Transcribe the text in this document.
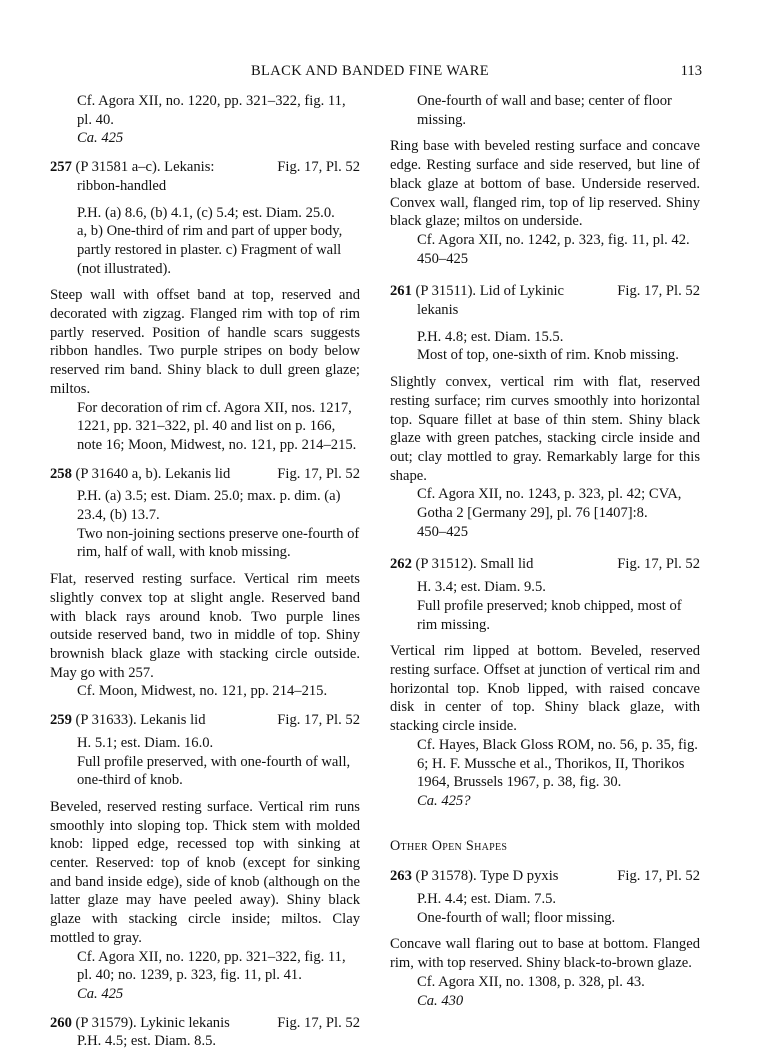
BLACK AND BANDED FINE WARE	113

Cf. Agora XII, no. 1220, pp. 321–322, fig. 11, pl. 40.

Ca. 425

257 (P 31581 a–c). Lekanis:	Fig. 17, Pl. 52

ribbon-handled

P.H. (a) 8.6, (b) 4.1, (c) 5.4; est. Diam. 25.0.

a, b) One-third of rim and part of upper body, partly restored in plaster. c) Fragment of wall (not illustrated).

Steep wall with offset band at top, reserved and decorated with zigzag. Flanged rim with top of rim partly reserved. Position of handle scars suggests ribbon handles. Two purple stripes on body below reserved rim band. Shiny black to dull green glaze; miltos.

For decoration of rim cf. Agora XII, nos. 1217, 1221, pp. 321–322, pl. 40 and list on p. 166, note 16; Moon, Midwest, no. 121, pp. 214–215.

258 (P 31640 a, b). Lekanis lid	Fig. 17, Pl. 52

P.H. (a) 3.5; est. Diam. 25.0; max. p. dim. (a) 23.4, (b) 13.7.

Two non-joining sections preserve one-fourth of rim, half of wall, with knob missing.

Flat, reserved resting surface. Vertical rim meets slightly convex top at slight angle. Reserved band with black rays around knob. Two purple lines outside reserved band, two in middle of top. Shiny brownish black glaze with stacking circle outside. May go with 257.

Cf. Moon, Midwest, no. 121, pp. 214–215.

259 (P 31633). Lekanis lid	Fig. 17, Pl. 52

H. 5.1; est. Diam. 16.0.

Full profile preserved, with one-fourth of wall, one-third of knob.

Beveled, reserved resting surface. Vertical rim runs smoothly into sloping top. Thick stem with molded knob: lipped edge, recessed top with sinking at center. Reserved: top of knob (except for sinking and band inside edge), side of knob (although on the latter glaze may have peeled away). Shiny black glaze with stacking circle inside; miltos. Clay mottled to gray.

Cf. Agora XII, no. 1220, pp. 321–322, fig. 11, pl. 40; no. 1239, p. 323, fig. 11, pl. 41.

Ca. 425

260 (P 31579). Lykinic lekanis	Fig. 17, Pl. 52

P.H. 4.5; est. Diam. 8.5.

One-fourth of wall and base; center of floor missing.

Ring base with beveled resting surface and concave edge. Resting surface and side reserved, but line of black glaze at bottom of base. Underside reserved. Convex wall, flanged rim, top of lip reserved. Shiny black glaze; miltos on underside.

Cf. Agora XII, no. 1242, p. 323, fig. 11, pl. 42.

450–425

261 (P 31511). Lid of Lykinic	Fig. 17, Pl. 52

lekanis

P.H. 4.8; est. Diam. 15.5.

Most of top, one-sixth of rim. Knob missing.

Slightly convex, vertical rim with flat, reserved resting surface; rim curves smoothly into horizontal top. Square fillet at base of thin stem. Shiny black glaze with green patches, stacking circle inside and out; clay mottled to gray. Remarkably large for this shape.

Cf. Agora XII, no. 1243, p. 323, pl. 42; CVA, Gotha 2 [Germany 29], pl. 76 [1407]:8.

450–425

262 (P 31512). Small lid	Fig. 17, Pl. 52

H. 3.4; est. Diam. 9.5.

Full profile preserved; knob chipped, most of rim missing.

Vertical rim lipped at bottom. Beveled, reserved resting surface. Offset at junction of vertical rim and horizontal top. Knob lipped, with raised concave disk in center of top. Shiny black glaze, with stacking circle inside.

Cf. Hayes, Black Gloss ROM, no. 56, p. 35, fig. 6; H. F. Mussche et al., Thorikos, II, Thorikos 1964, Brussels 1967, p. 38, fig. 30.

Ca. 425?

Other Open Shapes

263 (P 31578). Type D pyxis	Fig. 17, Pl. 52

P.H. 4.4; est. Diam. 7.5.

One-fourth of wall; floor missing.

Concave wall flaring out to base at bottom. Flanged rim, with top reserved. Shiny black-to-brown glaze.

Cf. Agora XII, no. 1308, p. 328, pl. 43.

Ca. 430
